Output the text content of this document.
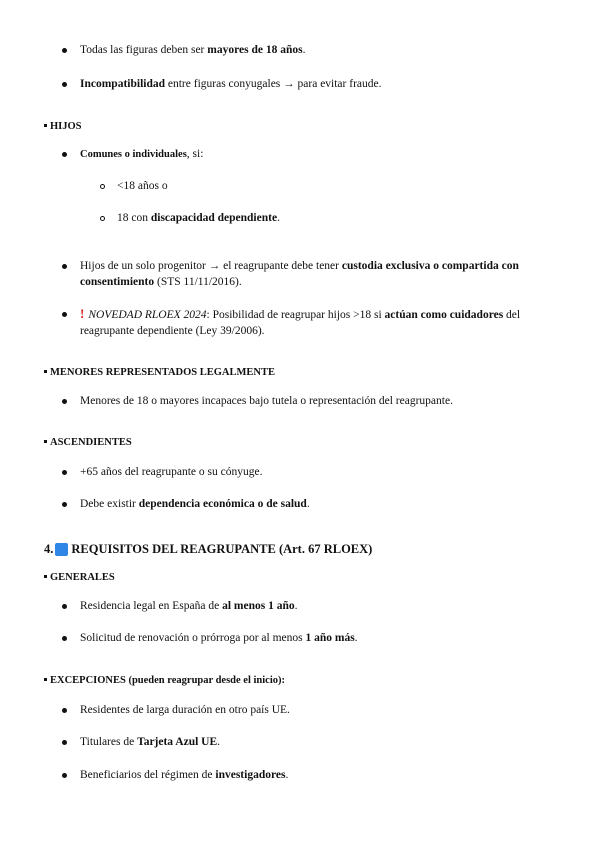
Todas las figuras deben ser mayores de 18 años.
Incompatibilidad entre figuras conyugales → para evitar fraude.
HIJOS
Comunes o individuales, si:
<18 años o
18 con discapacidad dependiente.
Hijos de un solo progenitor → el reagrupante debe tener custodia exclusiva o compartida con consentimiento (STS 11/11/2016).
! NOVEDAD RLOEX 2024: Posibilidad de reagrupar hijos >18 si actúan como cuidadores del reagrupante dependiente (Ley 39/2006).
MENORES REPRESENTADOS LEGALMENTE
Menores de 18 o mayores incapaces bajo tutela o representación del reagrupante.
ASCENDIENTES
+65 años del reagrupante o su cónyuge.
Debe existir dependencia económica o de salud.
4. REQUISITOS DEL REAGRUPANTE (Art. 67 RLOEX)
GENERALES
Residencia legal en España de al menos 1 año.
Solicitud de renovación o prórroga por al menos 1 año más.
EXCEPCIONES (pueden reagrupar desde el inicio):
Residentes de larga duración en otro país UE.
Titulares de Tarjeta Azul UE.
Beneficiarios del régimen de investigadores.
